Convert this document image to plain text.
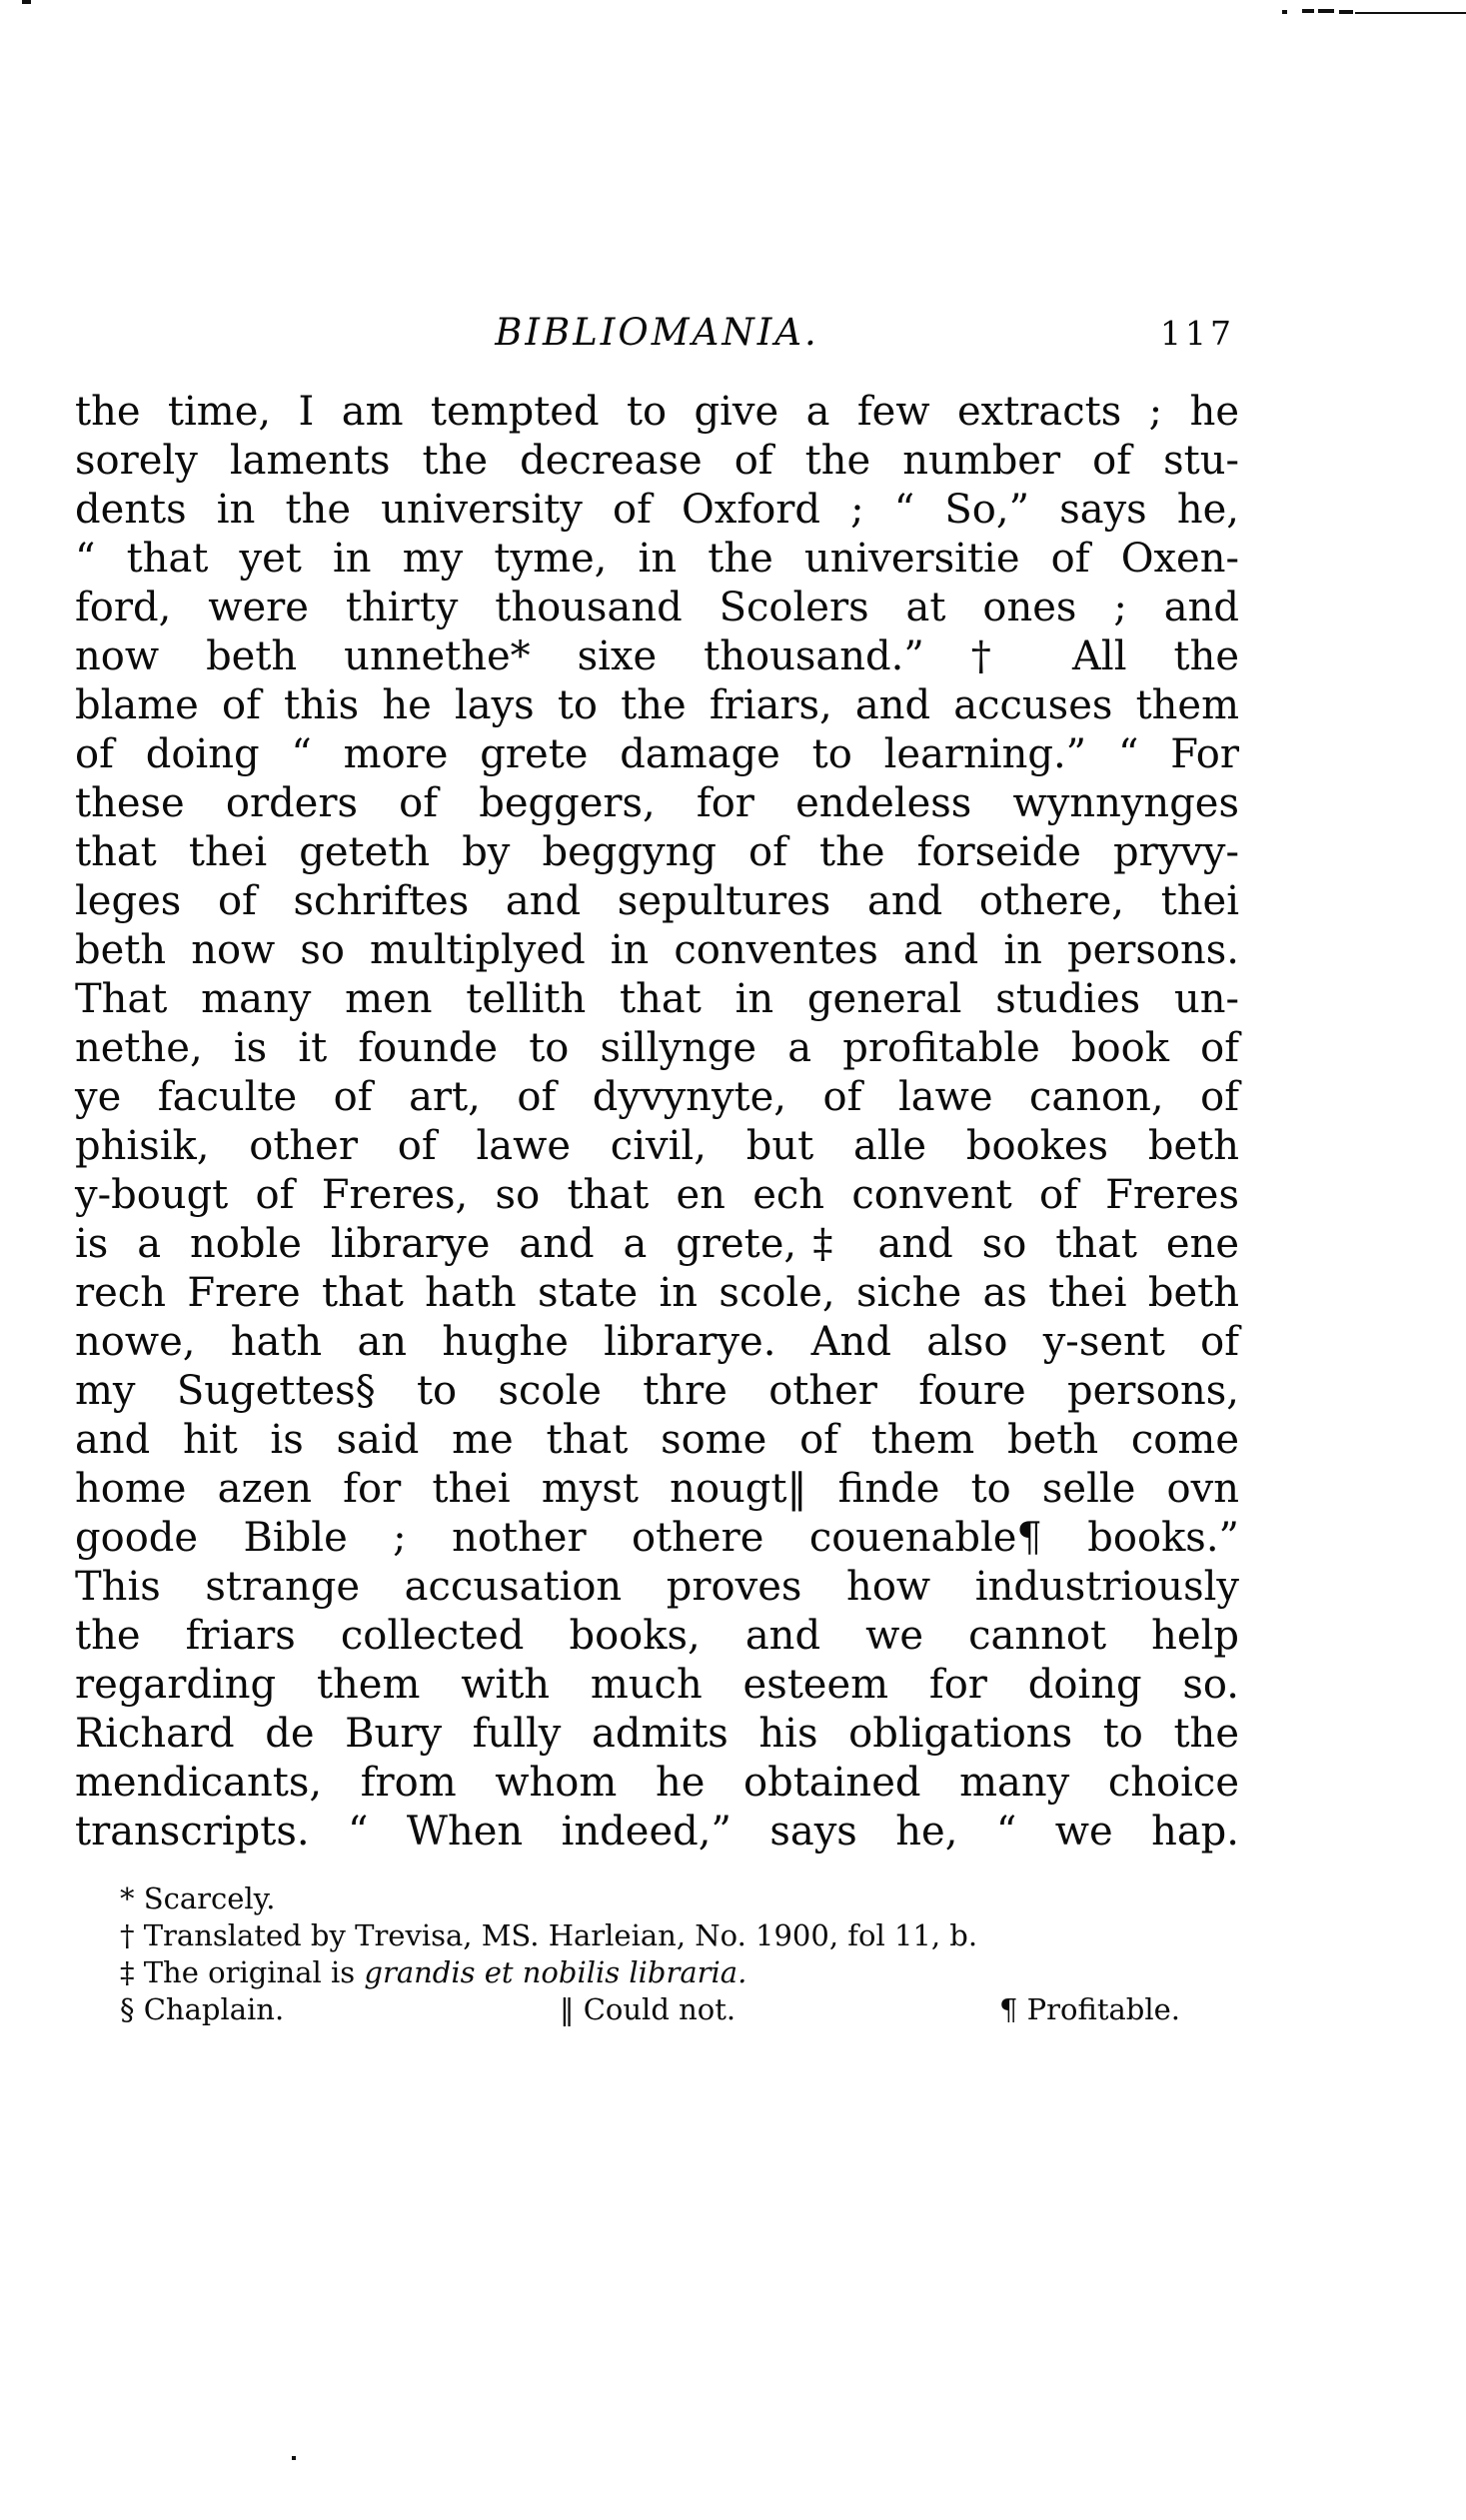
BIBLIOMANIA.	117
the time, I am tempted to give a few extracts ; he
sorely laments the decrease of the number of stu-
dents in the university of Oxford ; “ So,” says he,
“ that yet in my tyme, in the universitie of Oxen-
ford, were thirty thousand Scolers at ones ; and
now beth unnethe* sixe thousand.” † All the
blame of this he lays to the friars, and accuses them
of doing “ more grete damage to learning.” “ For
these orders of beggers, for endeless wynnynges
that thei geteth by beggyng of the forseide pryvy-
leges of schriftes and sepultures and othere, thei
beth now so multiplyed in conventes and in persons.
That many men tellith that in general studies un-
nethe, is it founde to sillynge a profitable book of
ye faculte of art, of dyvynyte, of lawe canon, of
phisik, other of lawe civil, but alle bookes beth
y-bougt of Freres, so that en ech convent of Freres
is a noble librarye and a grete,‡ and so that ene
rech Frere that hath state in scole, siche as thei beth
nowe, hath an hughe librarye. And also y-sent of
my Sugettes§ to scole thre other foure persons,
and hit is said me that some of them beth come
home azen for thei myst nougt‖ finde to selle ovn
goode Bible ; nother othere couenable¶ books.”
This strange accusation proves how industriously
the friars collected books, and we cannot help
regarding them with much esteem for doing so.
Richard de Bury fully admits his obligations to the
mendicants, from whom he obtained many choice
transcripts. “ When indeed,” says he, “ we hap.
* Scarcely.
† Translated by Trevisa, MS. Harleian, No. 1900, fol 11, b.
‡ The original is grandis et nobilis libraria.
§ Chaplain.	‖ Could not.	¶ Profitable.
